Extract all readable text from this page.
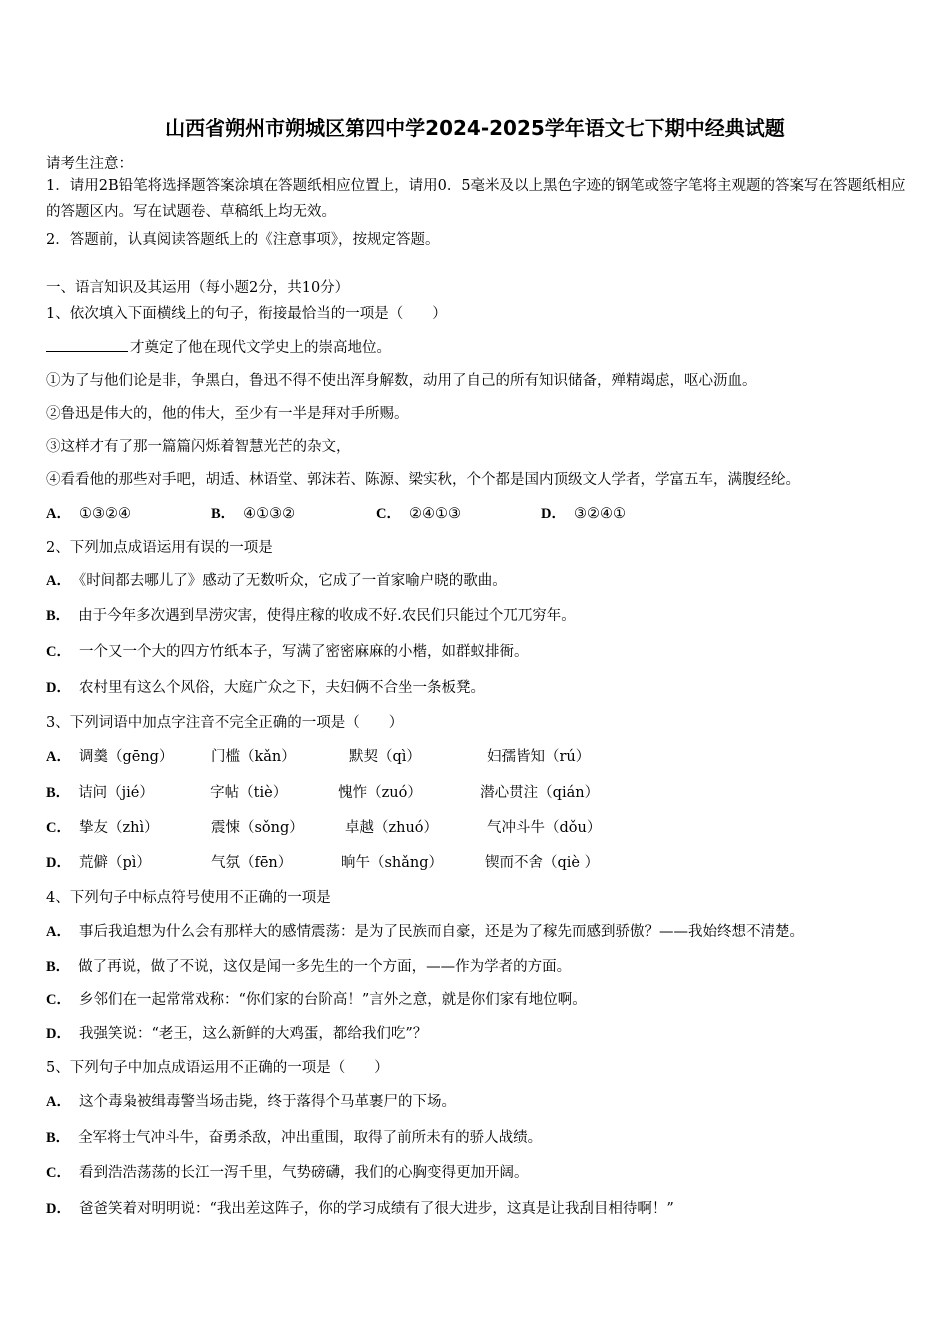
山西省朔州市朔城区第四中学2024-2025学年语文七下期中经典试题
请考生注意：
1．请用2B铅笔将选择题答案涂填在答题纸相应位置上，请用0．5毫米及以上黑色字迹的钢笔或签字笔将主观题的答案写在答题纸相应的答题区内。写在试题卷、草稿纸上均无效。
2．答题前，认真阅读答题纸上的《注意事项》，按规定答题。
一、语言知识及其运用（每小题2分，共10分）
1、依次填入下面横线上的句子，衔接最恰当的一项是（　　）
才奠定了他在现代文学史上的崇高地位。
①为了与他们论是非，争黑白，鲁迅不得不使出浑身解数，动用了自己的所有知识储备，殚精竭虑，呕心沥血。
②鲁迅是伟大的，他的伟大，至少有一半是拜对手所赐。
③这样才有了那一篇篇闪烁着智慧光芒的杂文，
④看看他的那些对手吧，胡适、林语堂、郭沫若、陈源、梁实秋，个个都是国内顶级文人学者，学富五车，满腹经纶。
A． ①③②④	B． ④①③②	C． ②④①③	D． ③②④①
2、下列加点成语运用有误的一项是
A． 《时间都去哪儿了》感动了无数听众，它成了一首家喻户晓的歌曲。
B． 由于今年多次遇到旱涝灾害，使得庄稼的收成不好.农民们只能过个兀兀穷年。
C． 一个又一个大的四方竹纸本子，写满了密密麻麻的小楷，如群蚁排衙。
D． 农村里有这么个风俗，大庭广众之下，夫妇俩不合坐一条板凳。
3、下列词语中加点字注音不完全正确的一项是（　　）
A． 调羹（gēng）	门槛（kǎn）	默契（qì）	妇孺皆知（rú）
B． 诘问（jié）	字帖（tiè）	愧怍（zuó）	潜心贯注（qián）
C． 挚友（zhì）	震悚（sǒng）	卓越（zhuó）	气冲斗牛（dǒu）
D． 荒僻（pì）	气氛（fēn）	晌午（shǎng）	锲而不舍（qiè ）
4、下列句子中标点符号使用不正确的一项是
A． 事后我追想为什么会有那样大的感情震荡：是为了民族而自豪，还是为了稼先而感到骄傲？——我始终想不清楚。
B． 做了再说，做了不说，这仅是闻一多先生的一个方面，——作为学者的方面。
C． 乡邻们在一起常常戏称：“你们家的台阶高！”言外之意，就是你们家有地位啊。
D． 我强笑说：“老王，这么新鲜的大鸡蛋，都给我们吃”？
5、下列句子中加点成语运用不正确的一项是（　　）
A． 这个毒枭被缉毒警当场击毙，终于落得个马革裹尸的下场。
B． 全军将士气冲斗牛，奋勇杀敌，冲出重围，取得了前所未有的骄人战绩。
C． 看到浩浩荡荡的长江一泻千里，气势磅礴，我们的心胸变得更加开阔。
D． 爸爸笑着对明明说：“我出差这阵子，你的学习成绩有了很大进步，这真是让我刮目相待啊！”
